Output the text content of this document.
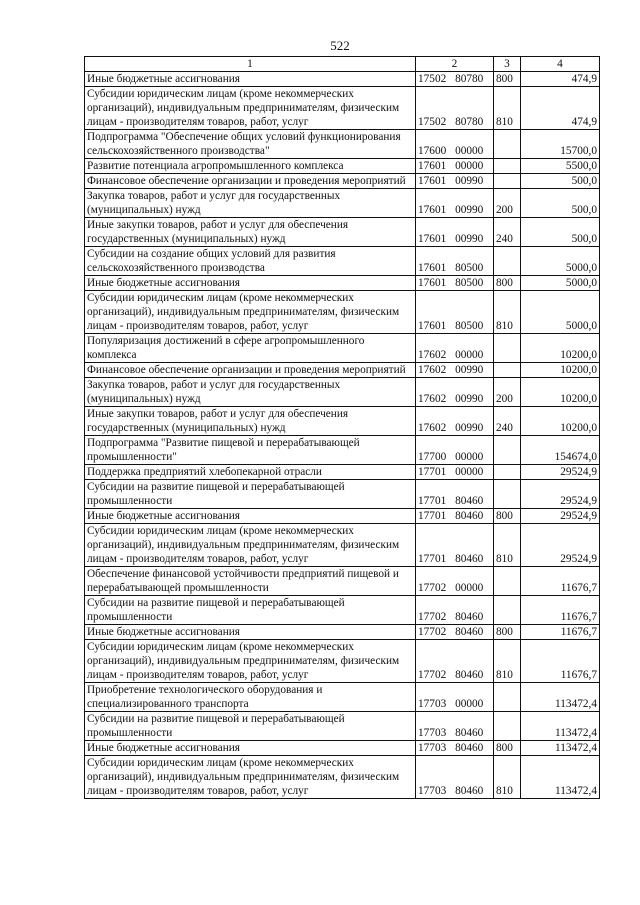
522
1	2	3	4
Иные бюджетные ассигнования	17502 80780	800	474,9
Субсидии юридическим лицам (кроме некоммерческих организаций), индивидуальным предпринимателям, физическим лицам - производителям товаров, работ, услуг	17502 80780	810	474,9
Подпрограмма "Обеспечение общих условий функционирования сельскохозяйственного производства"	17600 00000		15700,0
Развитие потенциала агропромышленного комплекса	17601 00000		5500,0
Финансовое обеспечение организации и проведения мероприятий	17601 00990		500,0
Закупка товаров, работ и услуг для государственных (муниципальных) нужд	17601 00990	200	500,0
Иные закупки товаров, работ и услуг для обеспечения государственных (муниципальных) нужд	17601 00990	240	500,0
Субсидии на создание общих условий для развития сельскохозяйственного производства	17601 80500		5000,0
Иные бюджетные ассигнования	17601 80500	800	5000,0
Субсидии юридическим лицам (кроме некоммерческих организаций), индивидуальным предпринимателям, физическим лицам - производителям товаров, работ, услуг	17601 80500	810	5000,0
Популяризация достижений в сфере агропромышленного комплекса	17602 00000		10200,0
Финансовое обеспечение организации и проведения мероприятий	17602 00990		10200,0
Закупка товаров, работ и услуг для государственных (муниципальных) нужд	17602 00990	200	10200,0
Иные закупки товаров, работ и услуг для обеспечения государственных (муниципальных) нужд	17602 00990	240	10200,0
Подпрограмма "Развитие пищевой и перерабатывающей промышленности"	17700 00000		154674,0
Поддержка предприятий хлебопекарной отрасли	17701 00000		29524,9
Субсидии на развитие пищевой и перерабатывающей промышленности	17701 80460		29524,9
Иные бюджетные ассигнования	17701 80460	800	29524,9
Субсидии юридическим лицам (кроме некоммерческих организаций), индивидуальным предпринимателям, физическим лицам - производителям товаров, работ, услуг	17701 80460	810	29524,9
Обеспечение финансовой устойчивости предприятий пищевой и перерабатывающей промышленности	17702 00000		11676,7
Субсидии на развитие пищевой и перерабатывающей промышленности	17702 80460		11676,7
Иные бюджетные ассигнования	17702 80460	800	11676,7
Субсидии юридическим лицам (кроме некоммерческих организаций), индивидуальным предпринимателям, физическим лицам - производителям товаров, работ, услуг	17702 80460	810	11676,7
Приобретение технологического оборудования и специализированного транспорта	17703 00000		113472,4
Субсидии на развитие пищевой и перерабатывающей промышленности	17703 80460		113472,4
Иные бюджетные ассигнования	17703 80460	800	113472,4
Субсидии юридическим лицам (кроме некоммерческих организаций), индивидуальным предпринимателям, физическим лицам - производителям товаров, работ, услуг	17703 80460	810	113472,4
